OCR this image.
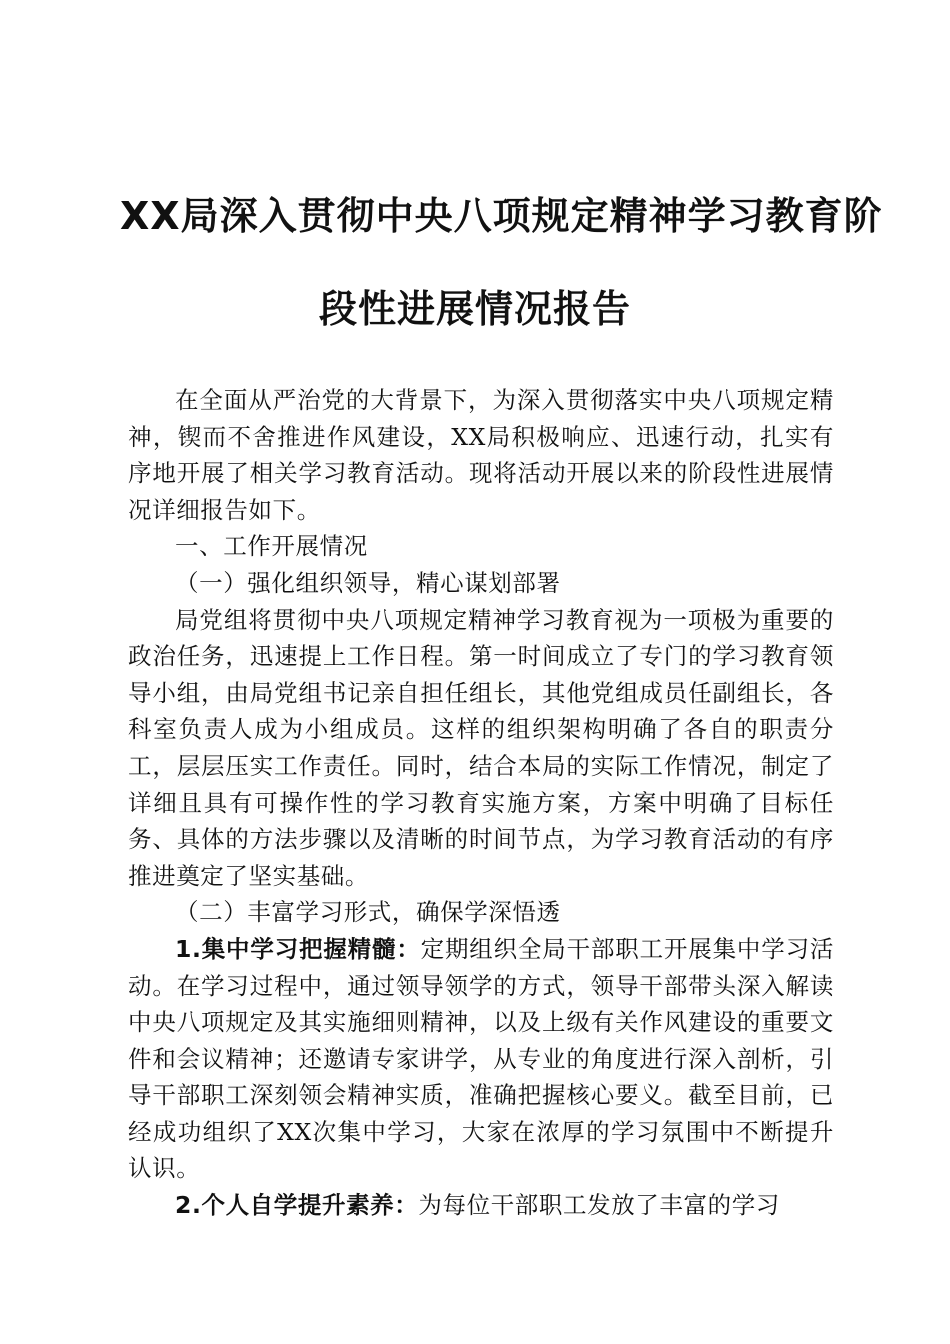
XX局深入贯彻中央八项规定精神学习教育阶
段性进展情况报告

在全面从严治党的大背景下，为深入贯彻落实中央八项规定精神，锲而不舍推进作风建设，XX局积极响应、迅速行动，扎实有序地开展了相关学习教育活动。现将活动开展以来的阶段性进展情况详细报告如下。

一、工作开展情况

（一）强化组织领导，精心谋划部署

局党组将贯彻中央八项规定精神学习教育视为一项极为重要的政治任务，迅速提上工作日程。第一时间成立了专门的学习教育领导小组，由局党组书记亲自担任组长，其他党组成员任副组长，各科室负责人成为小组成员。这样的组织架构明确了各自的职责分工，层层压实工作责任。同时，结合本局的实际工作情况，制定了详细且具有可操作性的学习教育实施方案，方案中明确了目标任务、具体的方法步骤以及清晰的时间节点，为学习教育活动的有序推进奠定了坚实基础。

（二）丰富学习形式，确保学深悟透

1.集中学习把握精髓：定期组织全局干部职工开展集中学习活动。在学习过程中，通过领导领学的方式，领导干部带头深入解读中央八项规定及其实施细则精神，以及上级有关作风建设的重要文件和会议精神；还邀请专家讲学，从专业的角度进行深入剖析，引导干部职工深刻领会精神实质，准确把握核心要义。截至目前，已经成功组织了XX次集中学习，大家在浓厚的学习氛围中不断提升认识。

2.个人自学提升素养：为每位干部职工发放了丰富的学习
